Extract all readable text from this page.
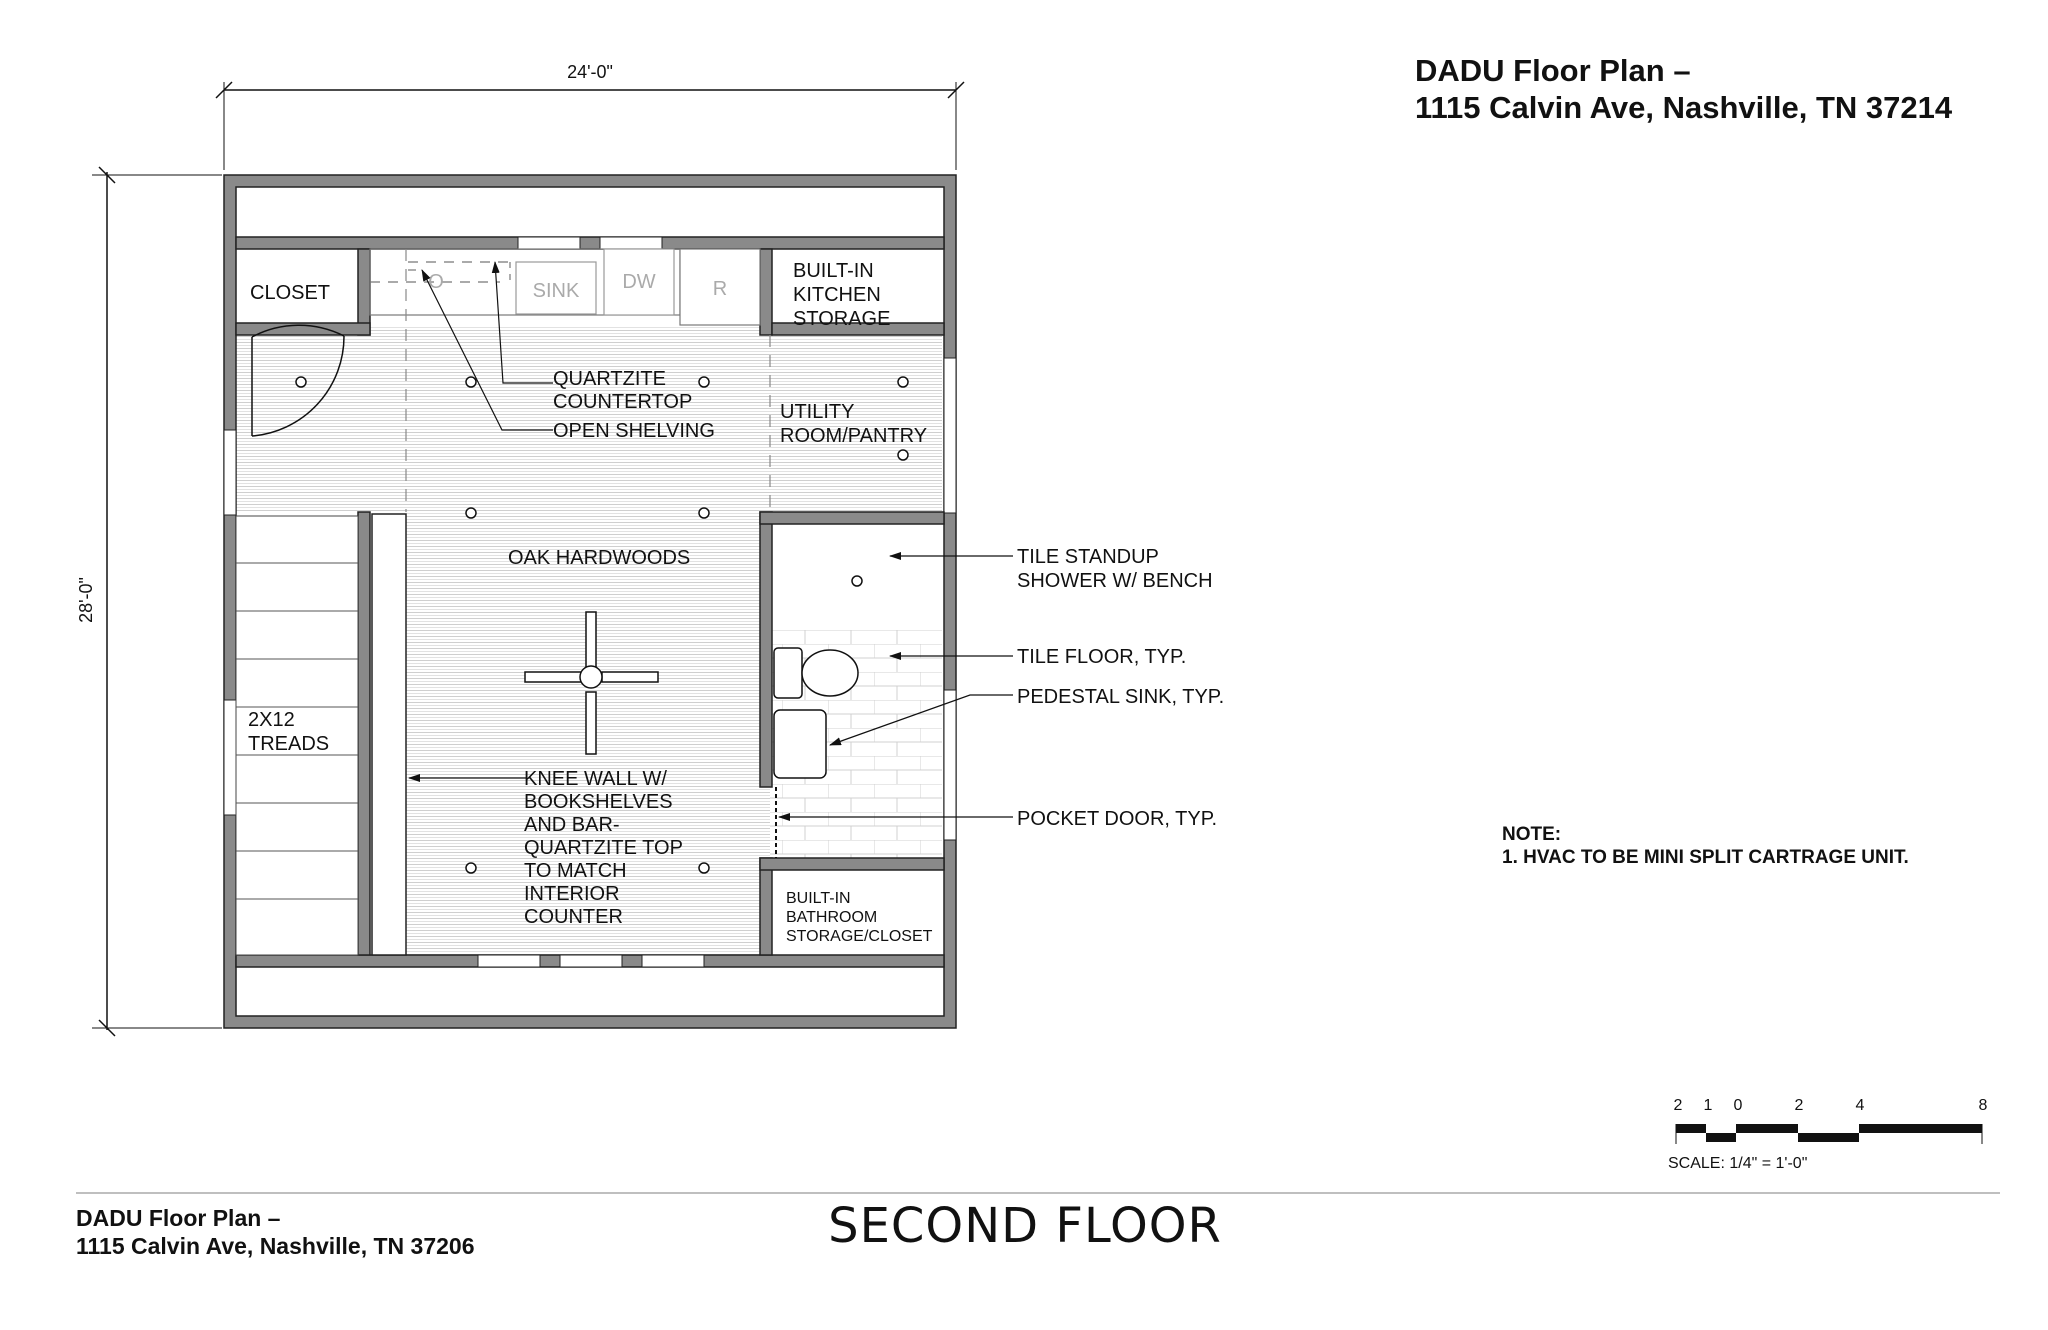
24'-0"
28'-0"
R
SINK DW
O
CLOSET
BUILT-IN
KITCHEN
STORAGE
UTILITY
ROOM/PANTRY
OAK HARDWOODS
2X12
TREADS
BUILT-IN
BATHROOM
STORAGE/CLOSET
QUARTZITE
COUNTERTOP
OPEN SHELVING
KNEE WALL W/
BOOKSHELVES
AND BAR-
QUARTZITE TOP
TO MATCH
INTERIOR
COUNTER
TILE STANDUP
SHOWER W/ BENCH
TILE FLOOR, TYP.
PEDESTAL SINK, TYP.
POCKET DOOR, TYP.
2 1 0	2	4	8
SCALE: 1/4" = 1'-0"
DADU Floor Plan –
1115 Calvin Ave, Nashville, TN 37214
DADU Floor Plan –
1115 Calvin Ave, Nashville, TN 37206	SECOND FLOOR
NOTE:
1. HVAC TO BE MINI SPLIT CARTRAGE UNIT.
